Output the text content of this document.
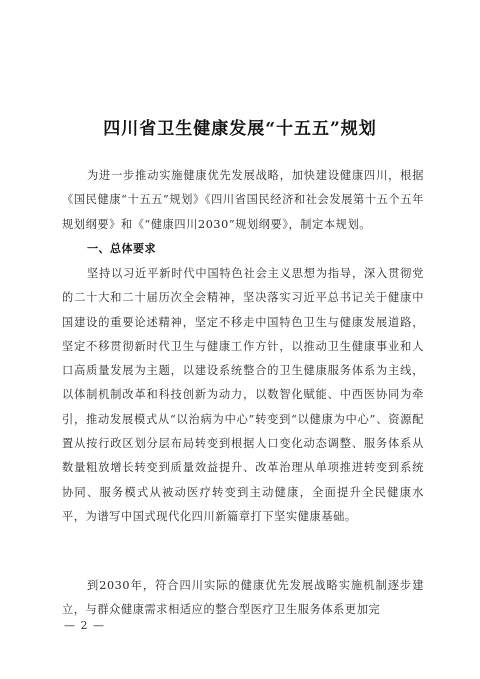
四川省卫生健康发展“十五五”规划

为进一步推动实施健康优先发展战略，加快建设健康四川，根据《国民健康“十五五”规划》《四川省国民经济和社会发展第十五个五年规划纲要》和《“健康四川2030”规划纲要》，制定本规划。

一、总体要求

坚持以习近平新时代中国特色社会主义思想为指导，深入贯彻党的二十大和二十届历次全会精神，坚决落实习近平总书记关于健康中国建设的重要论述精神，坚定不移走中国特色卫生与健康发展道路，坚定不移贯彻新时代卫生与健康工作方针，以推动卫生健康事业和人口高质量发展为主题，以建设系统整合的卫生健康服务体系为主线，以体制机制改革和科技创新为动力，以数智化赋能、中西医协同为牵引，推动发展模式从“以治病为中心”转变到“以健康为中心”、资源配置从按行政区划分层布局转变到根据人口变化动态调整、服务体系从数量粗放增长转变到质量效益提升、改革治理从单项推进转变到系统协同、服务模式从被动医疗转变到主动健康，全面提升全民健康水平，为谱写中国式现代化四川新篇章打下坚实健康基础。

到2030年，符合四川实际的健康优先发展战略实施机制逐步建立，与群众健康需求相适应的整合型医疗卫生服务体系更加完

— 2 —
